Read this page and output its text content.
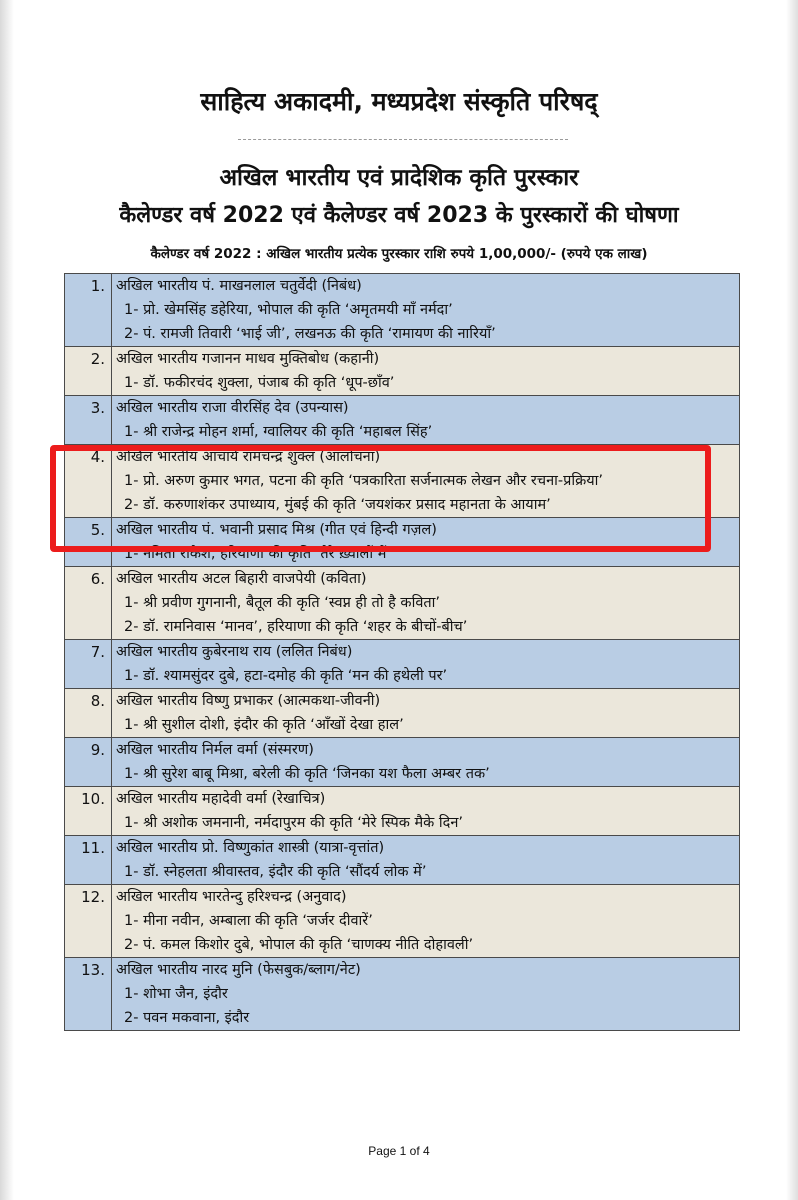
साहित्य अकादमी, मध्यप्रदेश संस्कृति परिषद्
अखिल भारतीय एवं प्रादेशिक कृति पुरस्कार
कैलेण्डर वर्ष 2022 एवं कैलेण्डर वर्ष 2023 के पुरस्कारों की घोषणा
कैलेण्डर वर्ष 2022 : अखिल भारतीय प्रत्येक पुरस्कार राशि रुपये 1,00,000/- (रुपये एक लाख)
1.	अखिल भारतीय पं. माखनलाल चतुर्वेदी (निबंध)
1- प्रो. खेमसिंह डहेरिया, भोपाल की कृति ‘अमृतमयी माँ नर्मदा’
2- पं. रामजी तिवारी ‘भाई जी’, लखनऊ की कृति ‘रामायण की नारियाँ’

2.	अखिल भारतीय गजानन माधव मुक्तिबोध (कहानी)
1- डॉ. फकीरचंद शुक्ला, पंजाब की कृति ‘धूप-छाँव’

3.	अखिल भारतीय राजा वीरसिंह देव (उपन्यास)
1- श्री राजेन्द्र मोहन शर्मा, ग्वालियर की कृति ‘महाबल सिंह’

4.	अखिल भारतीय आचार्य रामचन्द्र शुक्ल (आलोचना)
1- प्रो. अरुण कुमार भगत, पटना की कृति ‘पत्रकारिता सर्जनात्मक लेखन और रचना-प्रक्रिया’
2- डॉ. करुणाशंकर उपाध्याय, मुंबई की कृति ‘जयशंकर प्रसाद महानता के आयाम’

5.	अखिल भारतीय पं. भवानी प्रसाद मिश्र (गीत एवं हिन्दी गज़ल)
1- नमिता राकेश, हरियाणा की कृति ‘तेरे ख़्वालों में’

6.	अखिल भारतीय अटल बिहारी वाजपेयी (कविता)
1- श्री प्रवीण गुगनानी, बैतूल की कृति ‘स्वप्न ही तो है कविता’
2- डॉ. रामनिवास ‘मानव’, हरियाणा की कृति ‘शहर के बीचों-बीच’

7.	अखिल भारतीय कुबेरनाथ राय (ललित निबंध)
1- डॉ. श्यामसुंदर दुबे, हटा-दमोह की कृति ‘मन की हथेली पर’

8.	अखिल भारतीय विष्णु प्रभाकर (आत्मकथा-जीवनी)
1- श्री सुशील दोशी, इंदौर की कृति ‘आँखों देखा हाल’

9.	अखिल भारतीय निर्मल वर्मा (संस्मरण)
1- श्री सुरेश बाबू मिश्रा, बरेली की कृति ‘जिनका यश फैला अम्बर तक’

10.	अखिल भारतीय महादेवी वर्मा (रेखाचित्र)
1- श्री अशोक जमनानी, नर्मदापुरम की कृति ‘मेरे स्पिक मैके दिन’

11.	अखिल भारतीय प्रो. विष्णुकांत शास्त्री (यात्रा-वृत्तांत)
1- डॉ. स्नेहलता श्रीवास्तव, इंदौर की कृति ‘सौंदर्य लोक में’

12.	अखिल भारतीय भारतेन्दु हरिश्चन्द्र (अनुवाद)
1- मीना नवीन, अम्बाला की कृति ‘जर्जर दीवारें’
2- पं. कमल किशोर दुबे, भोपाल की कृति ‘चाणक्य नीति दोहावली’

13.	अखिल भारतीय नारद मुनि (फेसबुक/ब्लाग/नेट)
1- शोभा जैन, इंदौर
2- पवन मकवाना, इंदौर
Page 1 of 4
